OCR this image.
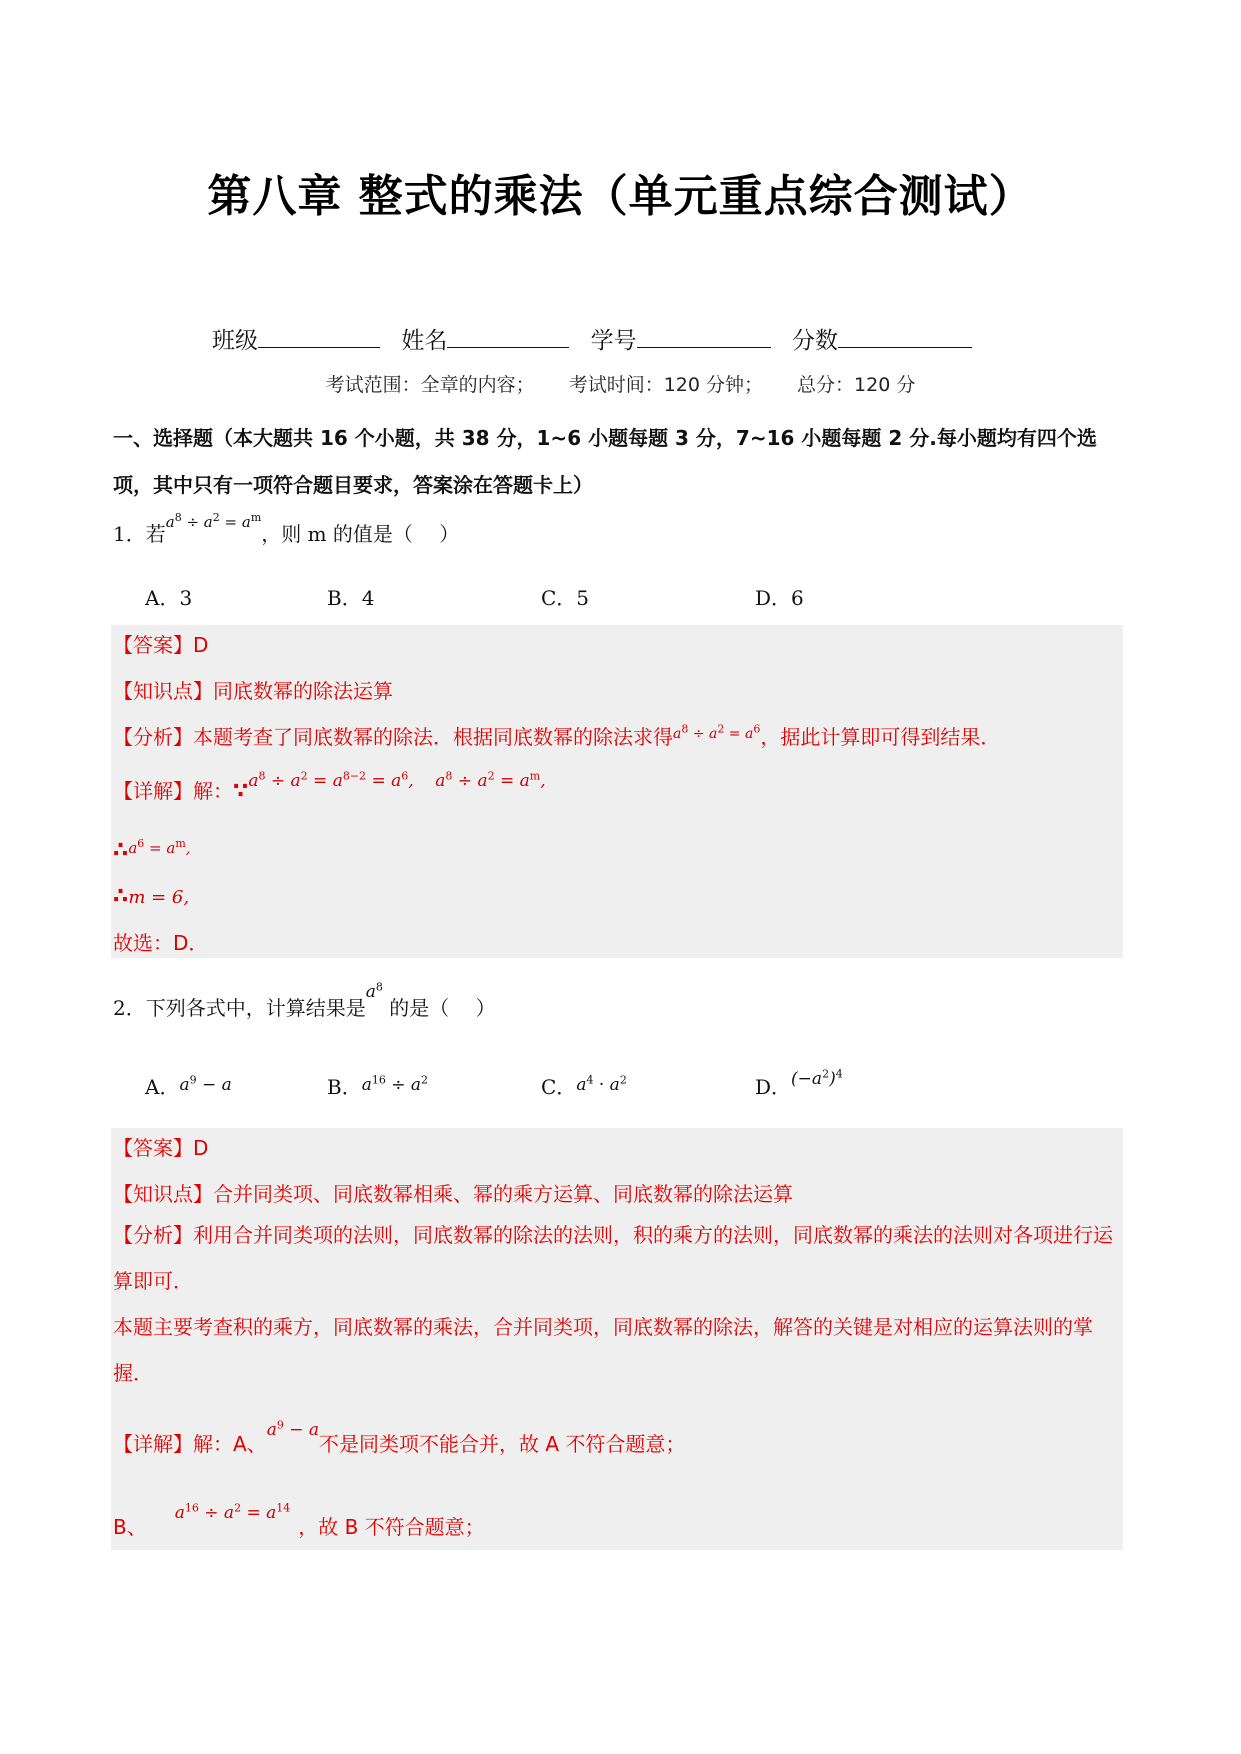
第八章 整式的乘法（单元重点综合测试）
班级	姓名	学号	分数
考试范围：全章的内容； 考试时间：120 分钟； 总分：120 分
一、选择题（本大题共 16 个小题，共 38 分，1~6 小题每题 3 分，7~16 小题每题 2 分.每小题均有四个选项，其中只有一项符合题目要求，答案涂在答题卡上）
1．若$^{a^8 \div a^2 = a^m}$，则 m 的值是（　 ）
A．3	B．4	C．5	D．6
【答案】D
【知识点】同底数幂的除法运算
【分析】本题考查了同底数幂的除法．根据同底数幂的除法求得$^{a^8 \div a^2 = a^6}$，据此计算即可得到结果．
【详解】解：∵$^{a^8 \div a^2 = a^{8-2} = a^6, a^8 \div a^2 = a^m,}$
∴$^{a^6 = a^m,}$
∴m = 6,
故选：D．
2．下列各式中，计算结果是$^{a^8}$ 的是（　 ）
A．$^{a^9 - a}$	B．$^{a^{16} \div a^2}$	C．$^{a^4 \cdot a^2}$	D．$^{(-a^2)^4}$
【答案】D
【知识点】合并同类项、同底数幂相乘、幂的乘方运算、同底数幂的除法运算
【分析】利用合并同类项的法则，同底数幂的除法的法则，积的乘方的法则，同底数幂的乘法的法则对各项进行运算即可．
本题主要考查积的乘方，同底数幂的乘法，合并同类项，同底数幂的除法，解答的关键是对相应的运算法则的掌握．
【详解】解：A、$^{a^9 - a}$不是同类项不能合并，故 A 不符合题意；
B、$^{a^{16} \div a^2 = a^{14}}$，故 B 不符合题意；
